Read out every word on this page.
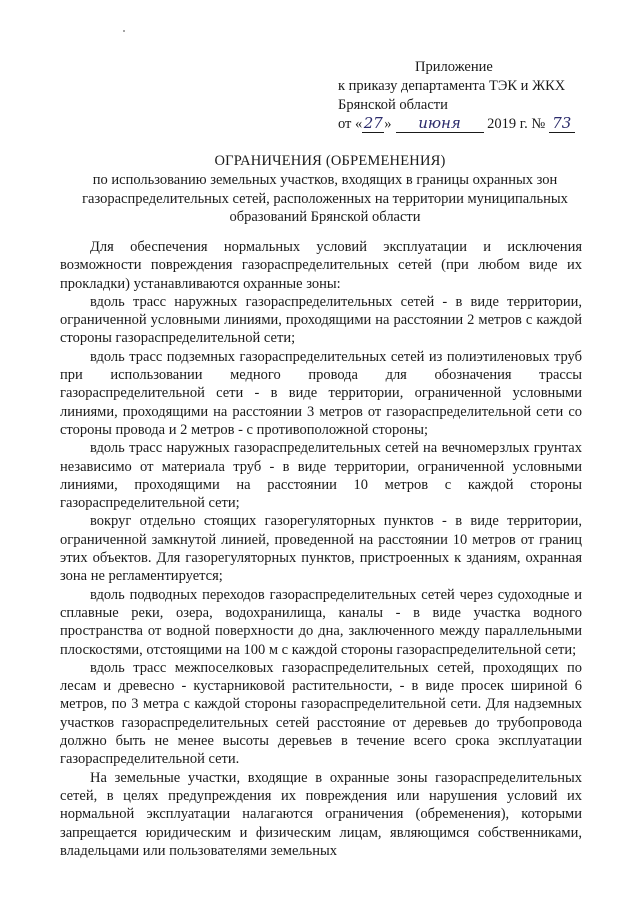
Приложение
к приказу департамента ТЭК и ЖКХ
Брянской области
от «27» июня 2019 г. № 73
ОГРАНИЧЕНИЯ (ОБРЕМЕНЕНИЯ)
по использованию земельных участков, входящих в границы охранных зон газораспределительных сетей, расположенных на территории муниципальных образований Брянской области

Для обеспечения нормальных условий эксплуатации и исключения возможности повреждения газораспределительных сетей (при любом виде их прокладки) устанавливаются охранные зоны:

вдоль трасс наружных газораспределительных сетей - в виде территории, ограниченной условными линиями, проходящими на расстоянии 2 метров с каждой стороны газораспределительной сети;

вдоль трасс подземных газораспределительных сетей из полиэтиленовых труб при использовании медного провода для обозначения трассы газораспределительной сети - в виде территории, ограниченной условными линиями, проходящими на расстоянии 3 метров от газораспределительной сети со стороны провода и 2 метров - с противоположной стороны;

вдоль трасс наружных газораспределительных сетей на вечномерзлых грунтах независимо от материала труб - в виде территории, ограниченной условными линиями, проходящими на расстоянии 10 метров с каждой стороны газораспределительной сети;

вокруг отдельно стоящих газорегуляторных пунктов - в виде территории, ограниченной замкнутой линией, проведенной на расстоянии 10 метров от границ этих объектов. Для газорегуляторных пунктов, пристроенных к зданиям, охранная зона не регламентируется;

вдоль подводных переходов газораспределительных сетей через судоходные и сплавные реки, озера, водохранилища, каналы - в виде участка водного пространства от водной поверхности до дна, заключенного между параллельными плоскостями, отстоящими на 100 м с каждой стороны газораспределительной сети;

вдоль трасс межпоселковых газораспределительных сетей, проходящих по лесам и древесно - кустарниковой растительности, - в виде просек шириной 6 метров, по 3 метра с каждой стороны газораспределительной сети. Для надземных участков газораспределительных сетей расстояние от деревьев до трубопровода должно быть не менее высоты деревьев в течение всего срока эксплуатации газораспределительной сети.

На земельные участки, входящие в охранные зоны газораспределительных сетей, в целях предупреждения их повреждения или нарушения условий их нормальной эксплуатации налагаются ограничения (обременения), которыми запрещается юридическим и физическим лицам, являющимся собственниками, владельцами или пользователями земельных
